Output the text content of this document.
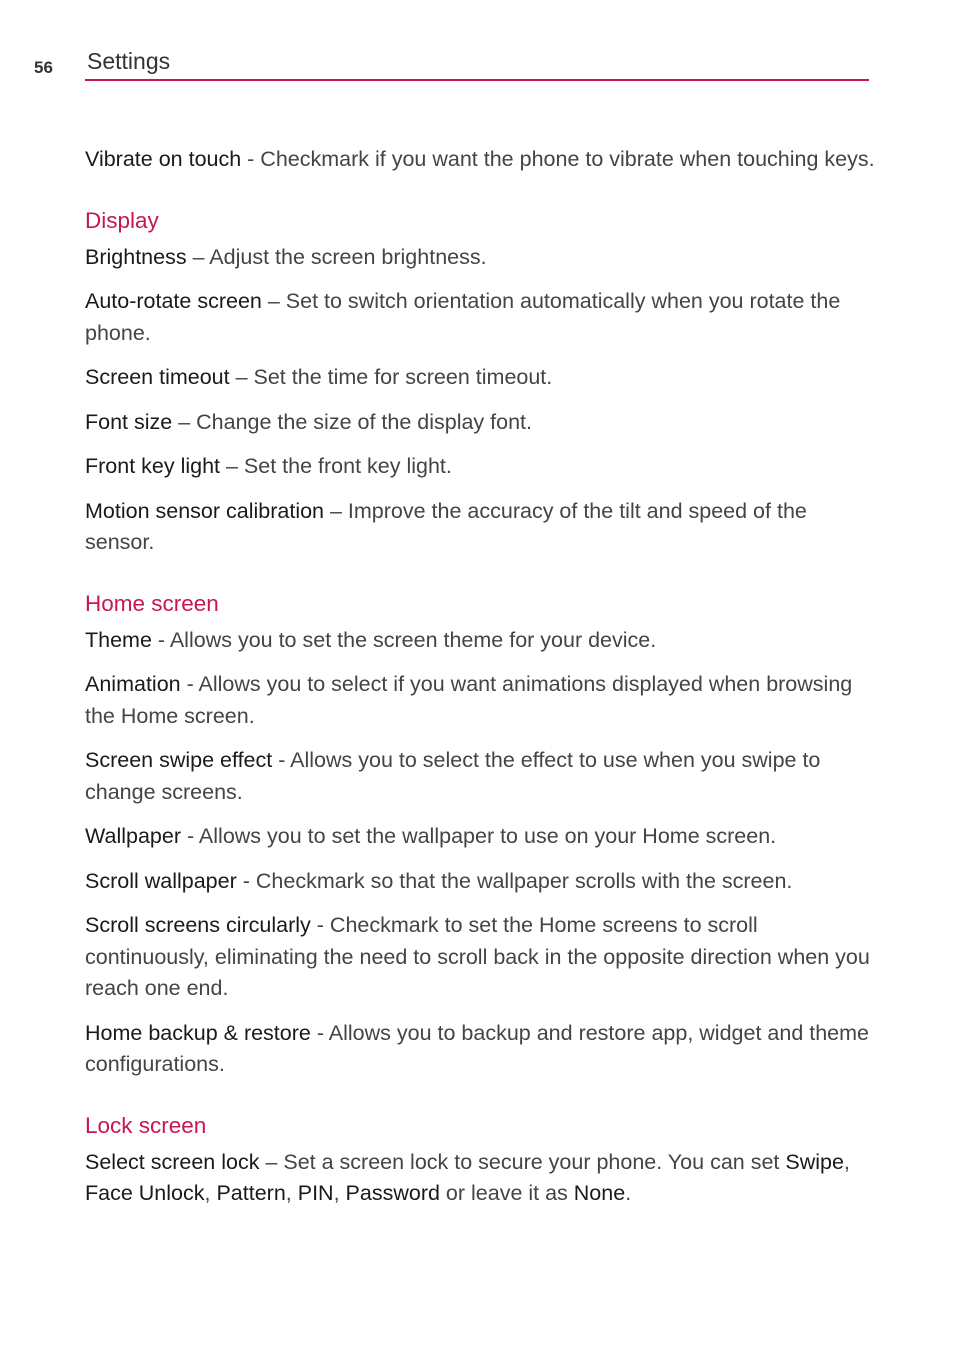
56 Settings

Vibrate on touch - Checkmark if you want the phone to vibrate when touching keys.

Display

Brightness – Adjust the screen brightness.

Auto-rotate screen – Set to switch orientation automatically when you rotate the phone.

Screen timeout – Set the time for screen timeout.

Font size – Change the size of the display font.

Front key light – Set the front key light.

Motion sensor calibration – Improve the accuracy of the tilt and speed of the sensor.

Home screen

Theme - Allows you to set the screen theme for your device.

Animation - Allows you to select if you want animations displayed when browsing the Home screen.

Screen swipe effect - Allows you to select the effect to use when you swipe to change screens.

Wallpaper - Allows you to set the wallpaper to use on your Home screen.

Scroll wallpaper - Checkmark so that the wallpaper scrolls with the screen.

Scroll screens circularly - Checkmark to set the Home screens to scroll continuously, eliminating the need to scroll back in the opposite direction when you reach one end.

Home backup & restore - Allows you to backup and restore app, widget and theme configurations.

Lock screen

Select screen lock – Set a screen lock to secure your phone. You can set Swipe, Face Unlock, Pattern, PIN, Password or leave it as None.
